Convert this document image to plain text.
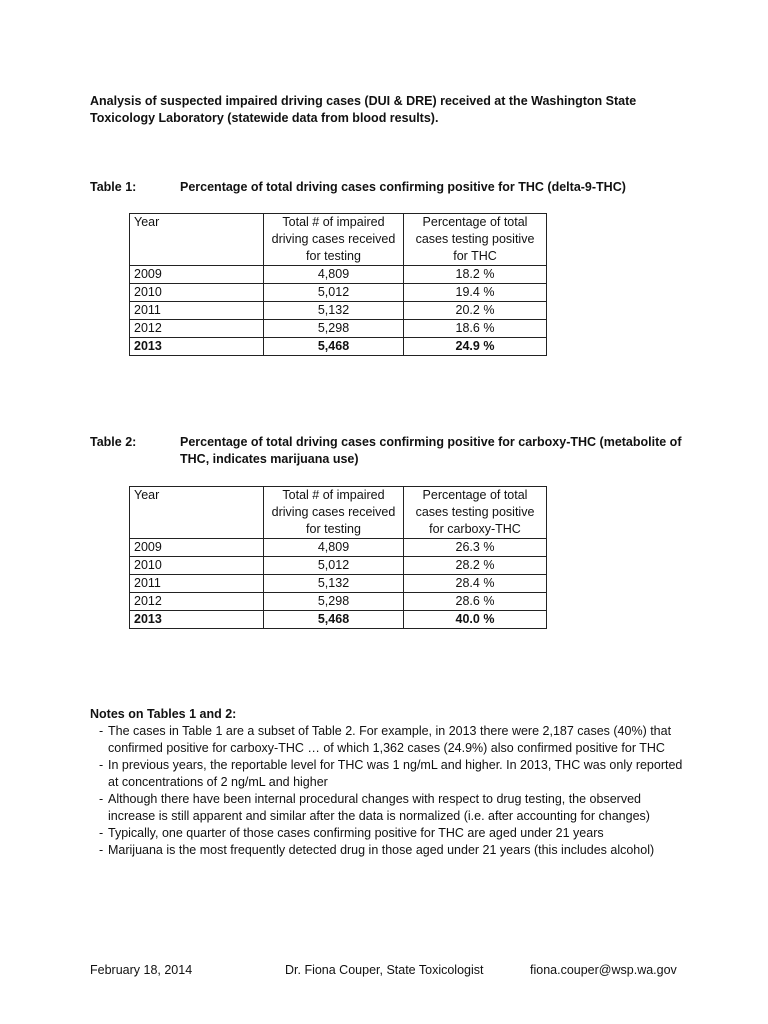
Analysis of suspected impaired driving cases (DUI & DRE) received at the Washington State Toxicology Laboratory (statewide data from blood results).
Table 1:	Percentage of total driving cases confirming positive for THC (delta-9-THC)
Year	Total # of impaired driving cases received for testing	Percentage of total cases testing positive for THC
2009	4,809	18.2 %
2010	5,012	19.4 %
2011	5,132	20.2 %
2012	5,298	18.6 %
2013	5,468	24.9 %
Table 2:	Percentage of total driving cases confirming positive for carboxy-THC (metabolite of THC, indicates marijuana use)
Year	Total # of impaired driving cases received for testing	Percentage of total cases testing positive for carboxy-THC
2009	4,809	26.3 %
2010	5,012	28.2 %
2011	5,132	28.4 %
2012	5,298	28.6 %
2013	5,468	40.0 %
Notes on Tables 1 and 2:
- The cases in Table 1 are a subset of Table 2. For example, in 2013 there were 2,187 cases (40%) that confirmed positive for carboxy-THC … of which 1,362 cases (24.9%) also confirmed positive for THC
- In previous years, the reportable level for THC was 1 ng/mL and higher. In 2013, THC was only reported at concentrations of 2 ng/mL and higher
- Although there have been internal procedural changes with respect to drug testing, the observed increase is still apparent and similar after the data is normalized (i.e. after accounting for changes)
- Typically, one quarter of those cases confirming positive for THC are aged under 21 years
- Marijuana is the most frequently detected drug in those aged under 21 years (this includes alcohol)
February 18, 2014	Dr. Fiona Couper, State Toxicologist	fiona.couper@wsp.wa.gov
